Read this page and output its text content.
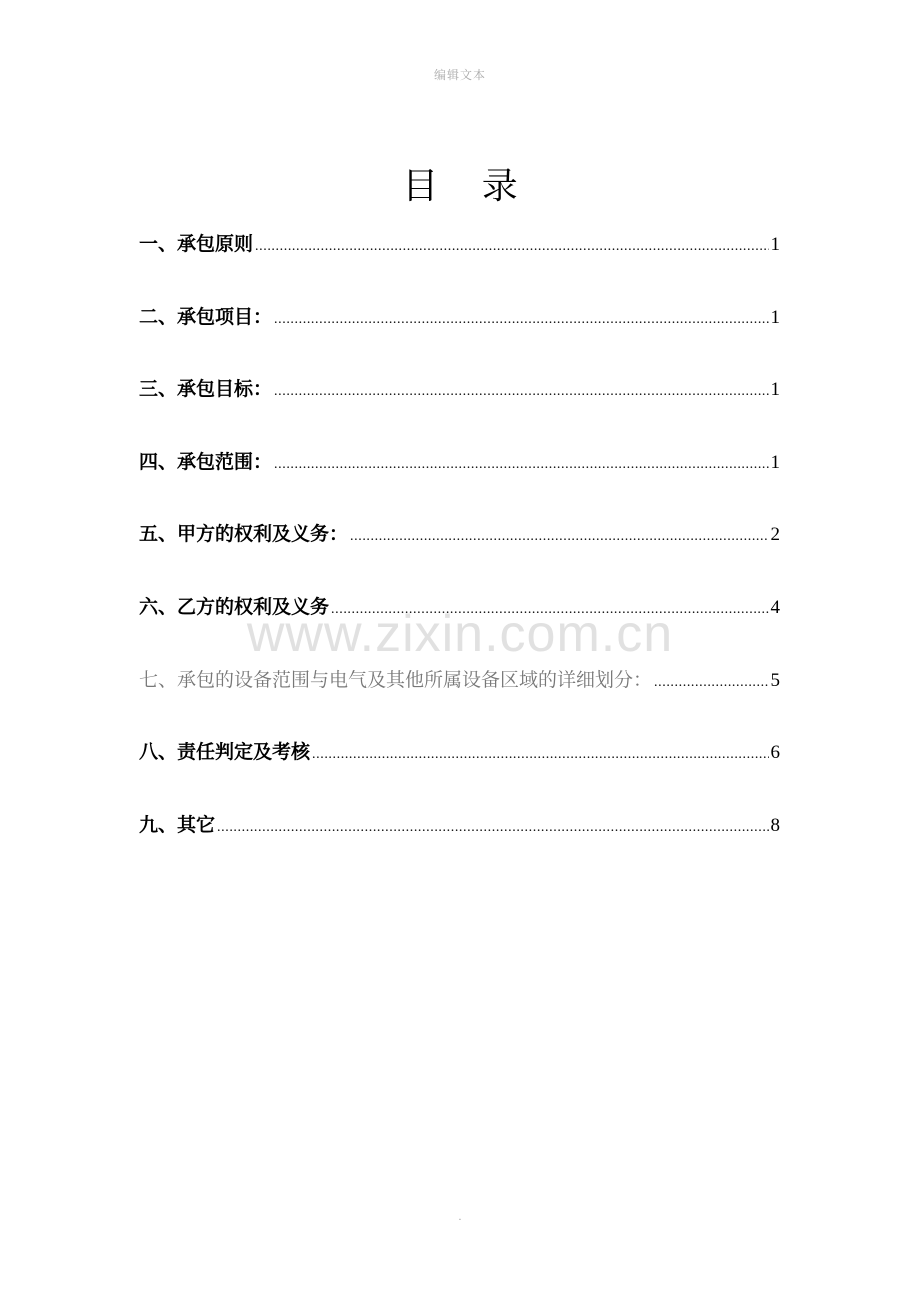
编辑文本
目 录
一、承包原则 .....	1
二、承包项目： .....	1
三、承包目标： .....	1
四、承包范围： .....	1
五、甲方的权利及义务： .....	2
六、乙方的权利及义务 .....	4
七、承包的设备范围与电气及其他所属设备区域的详细划分： .....	5
八、责任判定及考核 .....	6
九、其它 .....	8
www.zixin.com.cn
.
